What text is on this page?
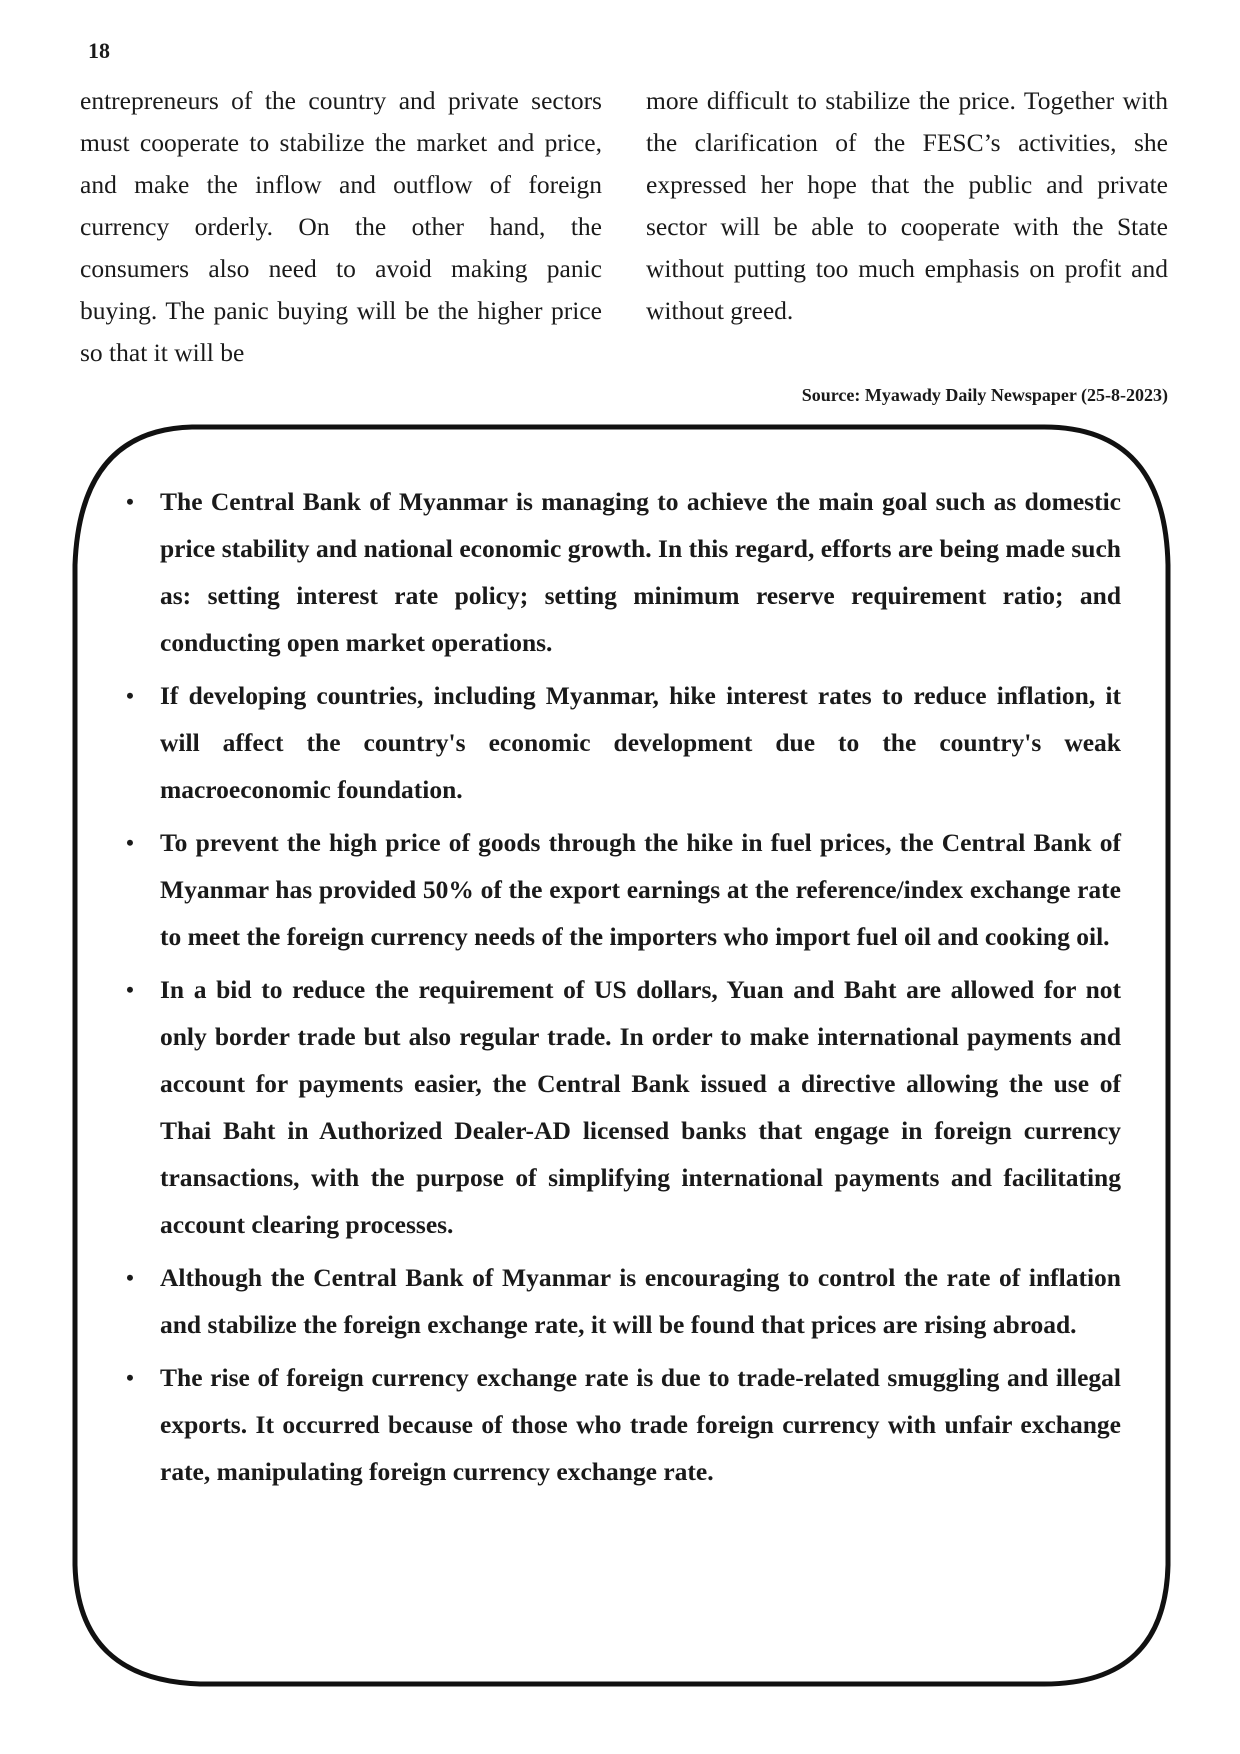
18
entrepreneurs of the country and private sectors must cooperate to stabilize the market and price, and make the inflow and outflow of foreign currency orderly. On the other hand, the consumers also need to avoid making panic buying. The panic buying will be the higher price so that it will be
more difficult to stabilize the price. Together with the clarification of the FESC’s activities, she expressed her hope that the public and private sector will be able to cooperate with the State without putting too much emphasis on profit and without greed.
Source: Myawady Daily Newspaper (25-8-2023)
• The Central Bank of Myanmar is managing to achieve the main goal such as domestic price stability and national economic growth. In this regard, efforts are being made such as: setting interest rate policy; setting minimum reserve requirement ratio; and conducting open market operations.
• If developing countries, including Myanmar, hike interest rates to reduce inflation, it will affect the country's economic development due to the country's weak macroeconomic foundation.
• To prevent the high price of goods through the hike in fuel prices, the Central Bank of Myanmar has provided 50% of the export earnings at the reference/index exchange rate to meet the foreign currency needs of the importers who import fuel oil and cooking oil.
• In a bid to reduce the requirement of US dollars, Yuan and Baht are allowed for not only border trade but also regular trade. In order to make international payments and account for payments easier, the Central Bank issued a directive allowing the use of Thai Baht in Authorized Dealer-AD licensed banks that engage in foreign currency transactions, with the purpose of simplifying international payments and facilitating account clearing processes.
• Although the Central Bank of Myanmar is encouraging to control the rate of inflation and stabilize the foreign exchange rate, it will be found that prices are rising abroad.
• The rise of foreign currency exchange rate is due to trade-related smuggling and illegal exports. It occurred because of those who trade foreign currency with unfair exchange rate, manipulating foreign currency exchange rate.
